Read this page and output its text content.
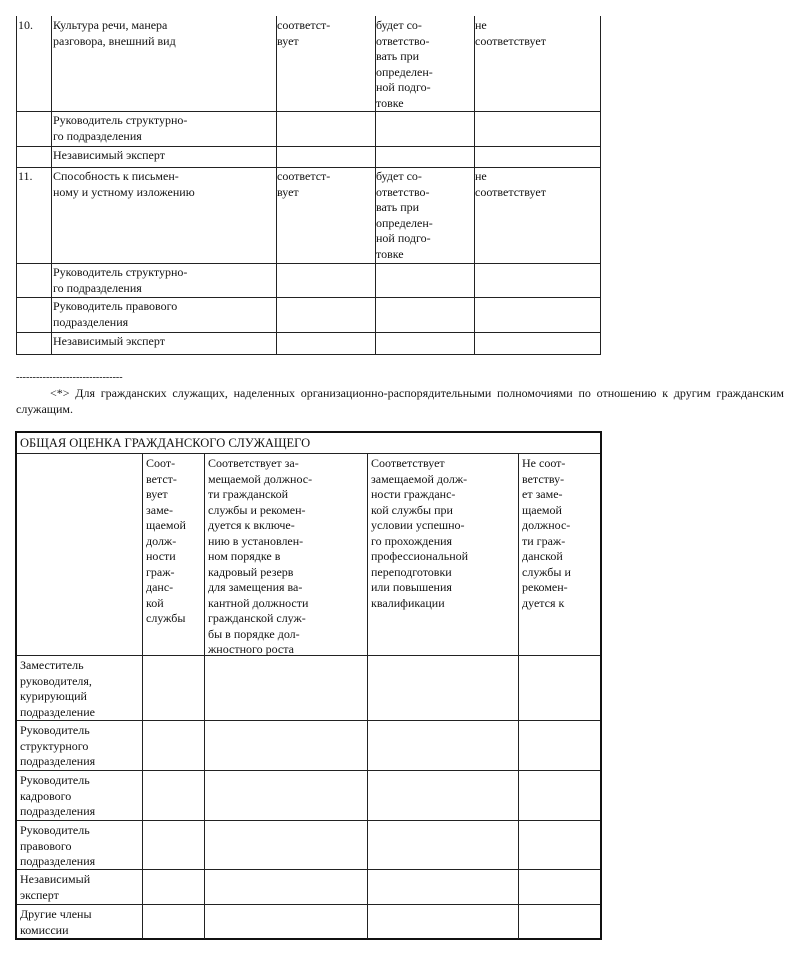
10. Культура речи, манера
разговора, внешний вид
соответст-
вует
будет со-
ответство-
вать при
определен-
ной подго-
товке
не
соответствует
Руководитель структурно-
го подразделения
Независимый эксперт
11. Способность к письмен-
ному и устному изложению
соответст-
вует
будет со-
ответство-
вать при
определен-
ной подго-
товке
не
соответствует
Руководитель структурно-
го подразделения
Руководитель правового
подразделения
Независимый эксперт
--------------------------------
<*> Для гражданских служащих, наделенных организационно-распорядительными полномочиями по отношению к другим гражданским служащим.
ОБЩАЯ ОЦЕНКА ГРАЖДАНСКОГО СЛУЖАЩЕГО
Соот-
ветст-
вует
заме-
щаемой
долж-
ности
граж-
данс-
кой
службы
Соответствует за-
мещаемой должнос-
ти гражданской
службы и рекомен-
дуется к включе-
нию в установлен-
ном порядке в
кадровый резерв
для замещения ва-
кантной должности
гражданской служ-
бы в порядке дол-
жностного роста
Соответствует
замещаемой долж-
ности гражданс-
кой службы при
условии успешно-
го прохождения
профессиональной
переподготовки
или повышения
квалификации
Не соот-
ветству-
ет заме-
щаемой
должнос-
ти граж-
данской
службы и
рекомен-
дуется к
Заместитель
руководителя,
курирующий
подразделение
Руководитель
структурного
подразделения
Руководитель
кадрового
подразделения
Руководитель
правового
подразделения
Независимый
эксперт
Другие члены
комиссии
